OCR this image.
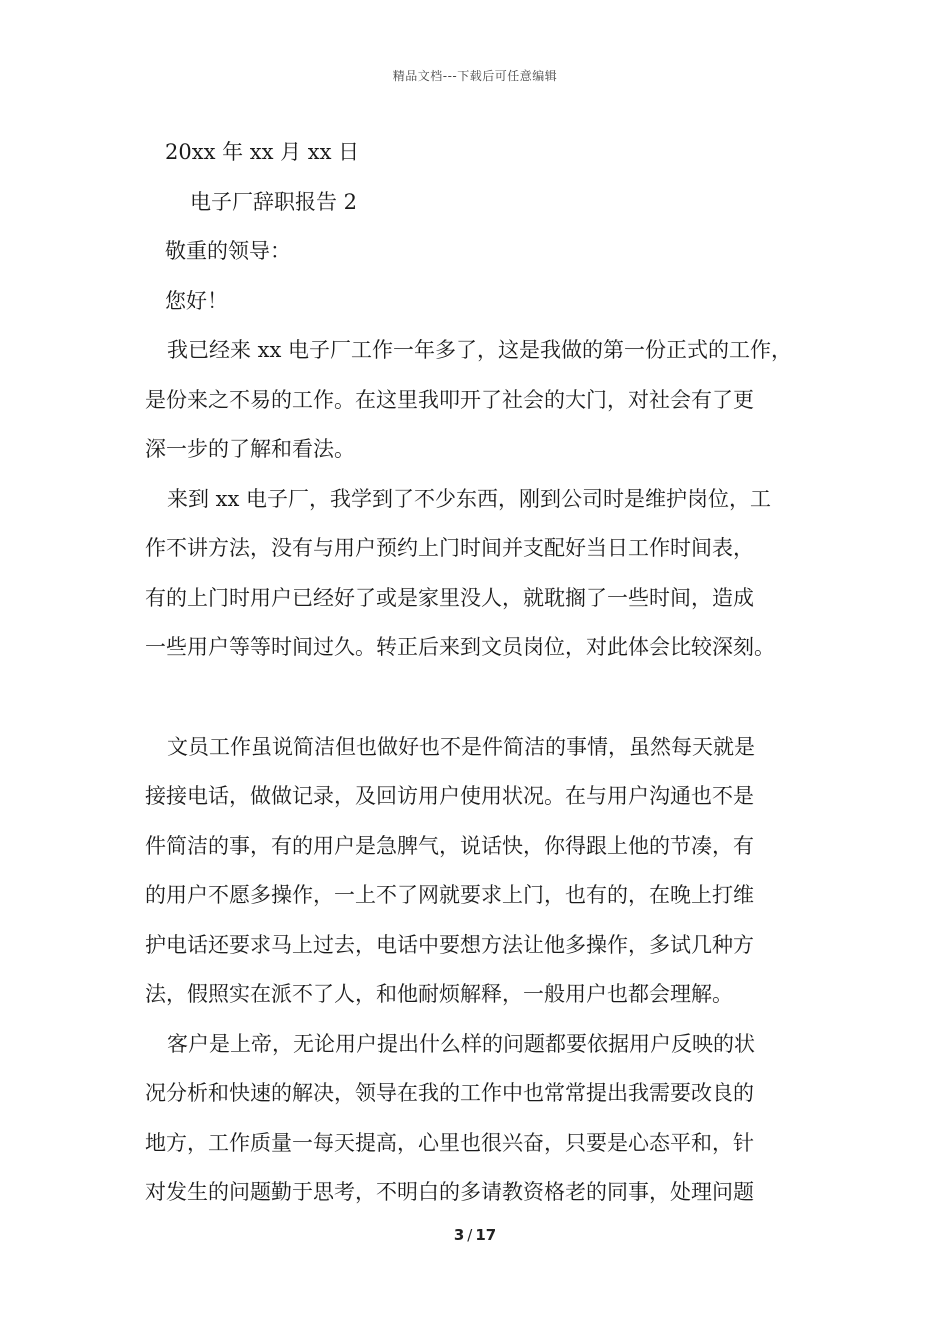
精品文档---下载后可任意编辑
20xx 年 xx 月 xx 日
电子厂辞职报告 2
敬重的领导：
您好！
我已经来 xx 电子厂工作一年多了，这是我做的第一份正式的工作，
是份来之不易的工作。在这里我叩开了社会的大门，对社会有了更
深一步的了解和看法。
来到 xx 电子厂，我学到了不少东西，刚到公司时是维护岗位，工
作不讲方法，没有与用户预约上门时间并支配好当日工作时间表，
有的上门时用户已经好了或是家里没人，就耽搁了一些时间，造成
一些用户等等时间过久。转正后来到文员岗位，对此体会比较深刻。
文员工作虽说简洁但也做好也不是件简洁的事情，虽然每天就是
接接电话，做做记录，及回访用户使用状况。在与用户沟通也不是
件简洁的事，有的用户是急脾气，说话快，你得跟上他的节凑，有
的用户不愿多操作，一上不了网就要求上门，也有的，在晚上打维
护电话还要求马上过去，电话中要想方法让他多操作，多试几种方
法，假照实在派不了人，和他耐烦解释，一般用户也都会理解。
客户是上帝，无论用户提出什么样的问题都要依据用户反映的状
况分析和快速的解决，领导在我的工作中也常常提出我需要改良的
地方，工作质量一每天提高，心里也很兴奋，只要是心态平和，针
对发生的问题勤于思考，不明白的多请教资格老的同事，处理问题
3 / 17
